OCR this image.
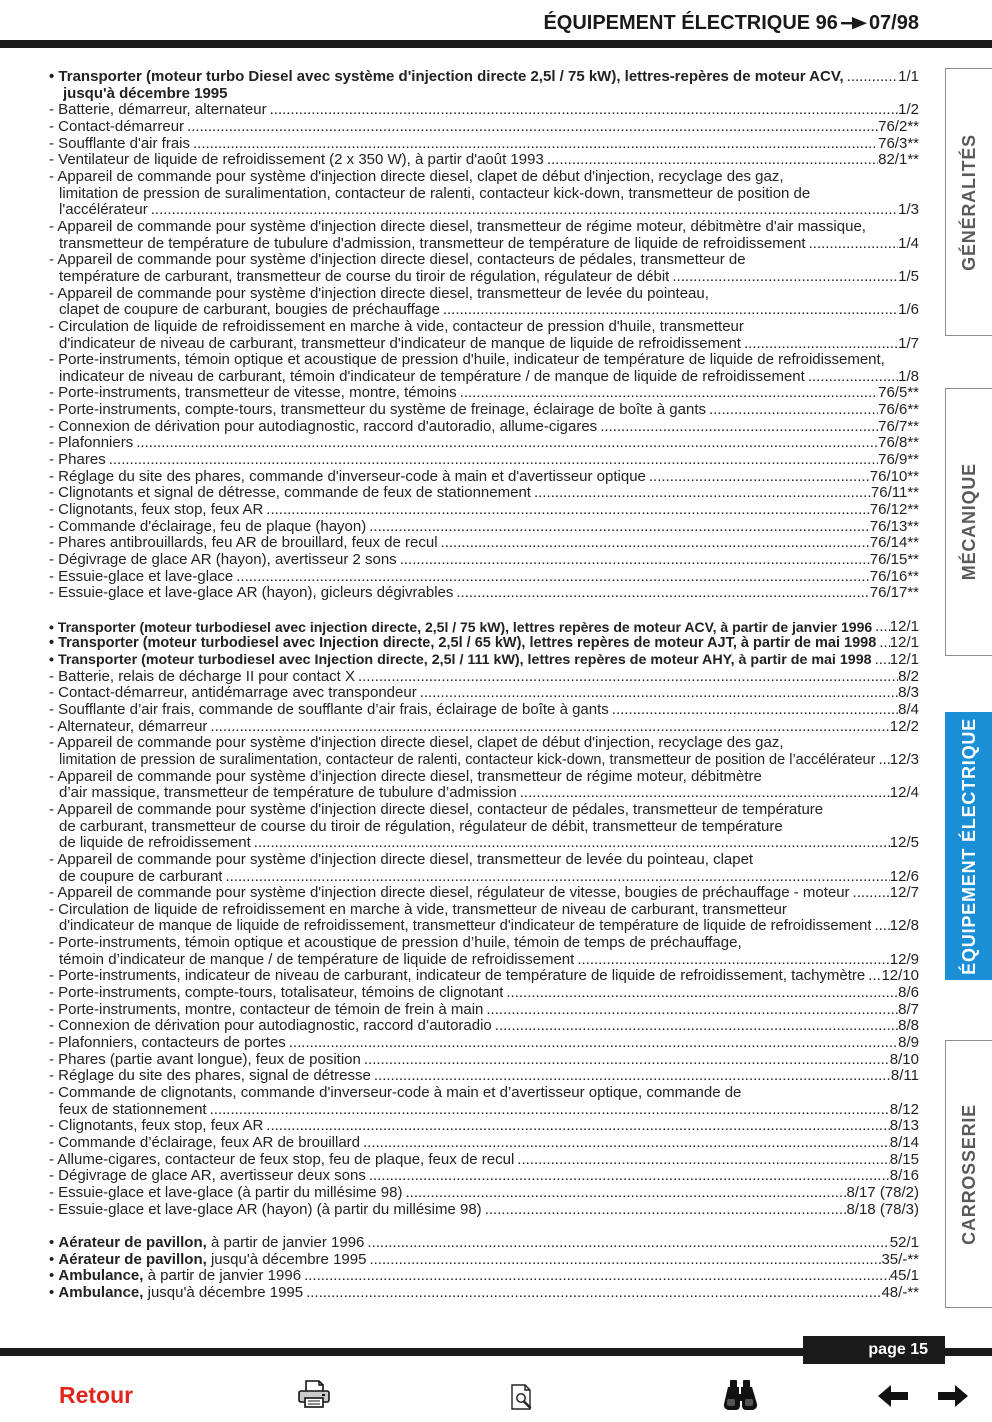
ÉQUIPEMENT ÉLECTRIQUE 96 07/98
• Transporter (moteur turbo Diesel avec système d'injection directe 2,5l / 75 kW), lettres-repères de moteur ACV, .....	1/1
jusqu'à décembre 1995
- Batterie, démarreur, alternateur .....	1/2
- Contact-démarreur .....	76/2**
- Soufflante d'air frais .....	76/3**
- Ventilateur de liquide de refroidissement (2 x 350 W), à partir d'août 1993 .....	82/1**
- Appareil de commande pour système d'injection directe diesel, clapet de début d'injection, recyclage des gaz,
limitation de pression de suralimentation, contacteur de ralenti, contacteur kick-down, transmetteur de position de
l'accélérateur .....	1/3
- Appareil de commande pour système d'injection directe diesel, transmetteur de régime moteur, débitmètre d'air massique,
transmetteur de température de tubulure d'admission, transmetteur de température de liquide de refroidissement .....	1/4
- Appareil de commande pour système d'injection directe diesel, contacteurs de pédales, transmetteur de
température de carburant, transmetteur de course du tiroir de régulation, régulateur de débit .....	1/5
- Appareil de commande pour système d'injection directe diesel, transmetteur de levée du pointeau,
clapet de coupure de carburant, bougies de préchauffage .....	1/6
- Circulation de liquide de refroidissement en marche à vide, contacteur de pression d'huile, transmetteur
d'indicateur de niveau de carburant, transmetteur d'indicateur de manque de liquide de refroidissement .....	1/7
- Porte-instruments, témoin optique et acoustique de pression d'huile, indicateur de température de liquide de refroidissement,
indicateur de niveau de carburant, témoin d'indicateur de température / de manque de liquide de refroidissement .....	1/8
- Porte-instruments, transmetteur de vitesse, montre, témoins .....	76/5**
- Porte-instruments, compte-tours, transmetteur du système de freinage, éclairage de boîte à gants .....	76/6**
- Connexion de dérivation pour autodiagnostic, raccord d'autoradio, allume-cigares .....	76/7**
- Plafonniers .....	76/8**
- Phares .....	76/9**
- Réglage du site des phares, commande d'inverseur-code à main et d'avertisseur optique .....	76/10**
- Clignotants et signal de détresse, commande de feux de stationnement .....	76/11**
- Clignotants, feux stop, feux AR .....	76/12**
- Commande d'éclairage, feu de plaque (hayon) .....	76/13**
- Phares antibrouillards, feu AR de brouillard, feux de recul .....	76/14**
- Dégivrage de glace AR (hayon), avertisseur 2 sons .....	76/15**
- Essuie-glace et lave-glace .....	76/16**
- Essuie-glace et lave-glace AR (hayon), gicleurs dégivrables .....	76/17**
• Transporter (moteur turbodiesel avec injection directe, 2,5l / 75 kW), lettres repères de moteur ACV, à partir de janvier 1996 ..... 12/1
• Transporter (moteur turbodiesel avec Injection directe, 2,5l / 65 kW), lettres repères de moteur AJT, à partir de mai 1998 ..... 12/1
• Transporter (moteur turbodiesel avec Injection directe, 2,5l / 111 kW), lettres repères de moteur AHY, à partir de mai 1998 ..... 12/1
- Batterie, relais de décharge II pour contact X .....	8/2
- Contact-démarreur, antidémarrage avec transpondeur .....	8/3
- Soufflante d’air frais, commande de soufflante d’air frais, éclairage de boîte à gants .....	8/4
- Alternateur, démarreur .....	12/2
- Appareil de commande pour système d'injection directe diesel, clapet de début d'injection, recyclage des gaz,
limitation de pression de suralimentation, contacteur de ralenti, contacteur kick-down, transmetteur de position de l’accélérateur ..... 12/3
- Appareil de commande pour système d’injection directe diesel, transmetteur de régime moteur, débitmètre
d’air massique, transmetteur de température de tubulure d’admission .....	12/4
- Appareil de commande pour système d'injection directe diesel, contacteur de pédales, transmetteur de température
de carburant, transmetteur de course du tiroir de régulation, régulateur de débit, transmetteur de température
de liquide de refroidissement .....	12/5
- Appareil de commande pour système d'injection directe diesel, transmetteur de levée du pointeau, clapet
de coupure de carburant .....	12/6
- Appareil de commande pour système d'injection directe diesel, régulateur de vitesse, bougies de préchauffage - moteur .....	12/7
- Circulation de liquide de refroidissement en marche à vide, transmetteur de niveau de carburant, transmetteur
d'indicateur de manque de liquide de refroidissement, transmetteur d'indicateur de température de liquide de refroidissement ..... 12/8
- Porte-instruments, témoin optique et acoustique de pression d’huile, témoin de temps de préchauffage,
témoin d’indicateur de manque / de température de liquide de refroidissement .....	12/9
- Porte-instruments, indicateur de niveau de carburant, indicateur de température de liquide de refroidissement, tachymètre ..... 12/10
- Porte-instruments, compte-tours, totalisateur, témoins de clignotant .....	8/6
- Porte-instruments, montre, contacteur de témoin de frein à main .....	8/7
- Connexion de dérivation pour autodiagnostic, raccord d’autoradio .....	8/8
- Plafonniers, contacteurs de portes .....	8/9
- Phares (partie avant longue), feux de position .....	8/10
- Réglage du site des phares, signal de détresse .....	8/11
- Commande de clignotants, commande d'inverseur-code à main et d’avertisseur optique, commande de
feux de stationnement .....	8/12
- Clignotants, feux stop, feux AR .....	8/13
- Commande d’éclairage, feux AR de brouillard .....	8/14
- Allume-cigares, contacteur de feux stop, feu de plaque, feux de recul .....	8/15
- Dégivrage de glace AR, avertisseur deux sons .....	8/16
- Essuie-glace et lave-glace (à partir du millésime 98) .....	8/17 (78/2)
- Essuie-glace et lave-glace AR (hayon) (à partir du millésime 98) .....	8/18 (78/3)
• Aérateur de pavillon, à partir de janvier 1996 .....	52/1
• Aérateur de pavillon, jusqu'à décembre 1995 .....	35/-**
• Ambulance, à partir de janvier 1996 .....	45/1
• Ambulance, jusqu'à décembre 1995 .....	48/-**
GÉNÉRALITÉS
MÉCANIQUE
ÉQUIPEMENT ÉLECTRIQUE
CARROSSERIE
page 15
Retour
